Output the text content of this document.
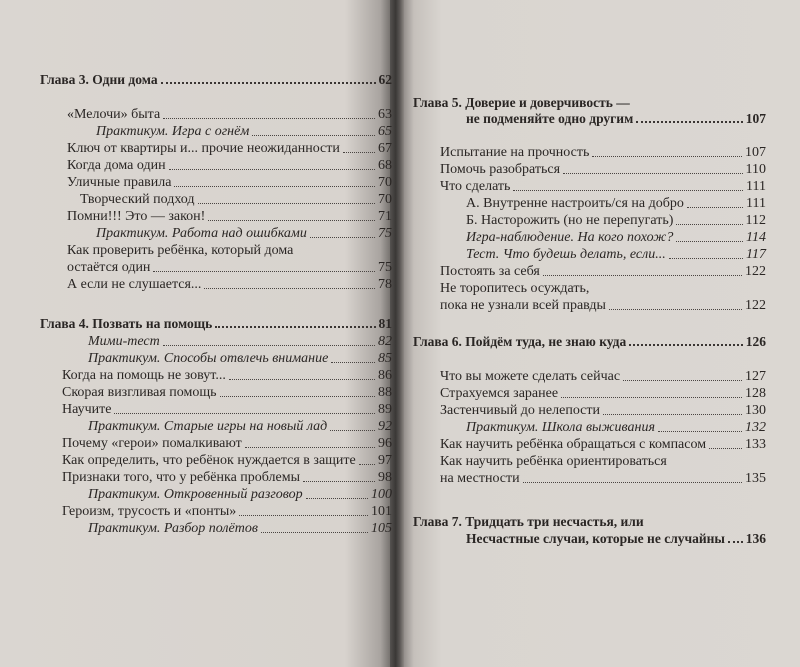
Глава 3. Одни дома	62
«Мелочи» быта	63
Практикум. Игра с огнём	65
Ключ от квартиры и... прочие неожиданности	67
Когда дома один	68
Уличные правила	70
Творческий подход	70
Помни!!! Это — закон!	71
Практикум. Работа над ошибками	75
Как проверить ребёнка, который дома
остаётся один	75
А если не слушается...	78
Глава 4. Позвать на помощь	81
Мими-тест	82
Практикум. Способы отвлечь внимание	85
Когда на помощь не зовут...	86
Скорая визгливая помощь	88
Научите	89
Практикум. Старые игры на новый лад	92
Почему «герои» помалкивают	96
Как определить, что ребёнок нуждается в защите 97
Признаки того, что у ребёнка проблемы	98
Практикум. Откровенный разговор	100
Героизм, трусость и «понты»	101
Практикум. Разбор полётов	105
Глава 5. Доверие и доверчивость —
не подменяйте одно другим	107
Испытание на прочность	107
Помочь разобраться	110
Что сделать	111
А. Внутренне настроить/ся на добро	111
Б. Насторожить (но не перепугать)	112
Игра-наблюдение. На кого похож?	114
Тест. Что будешь делать, если...	117
Постоять за себя	122
Не торопитесь осуждать,
пока не узнали всей правды	122
Глава 6. Пойдём туда, не знаю куда	126
Что вы можете сделать сейчас	127
Страхуемся заранее	128
Застенчивый до нелепости	130
Практикум. Школа выживания	132
Как научить ребёнка обращаться с компасом	133
Как научить ребёнка ориентироваться
на местности	135
Глава 7. Тридцать три несчастья, или
Несчастные случаи, которые не случайны 136
